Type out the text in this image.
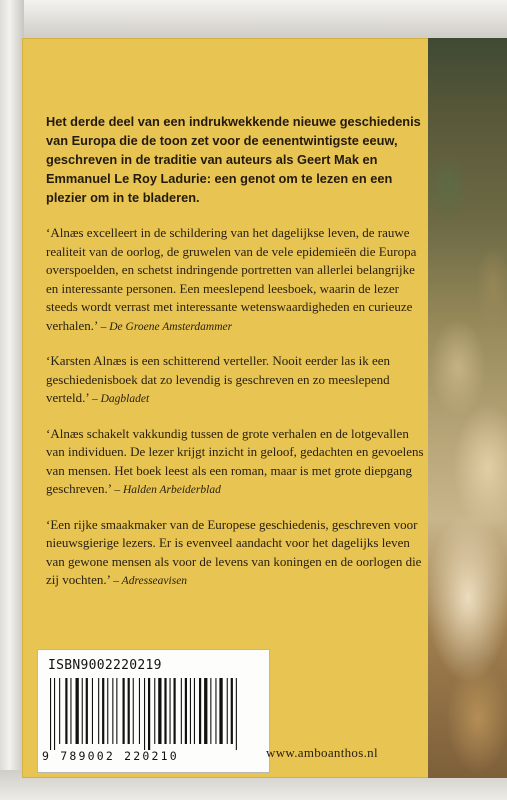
Het derde deel van een indrukwekkende nieuwe geschiedenis van Europa die de toon zet voor de eenentwintigste eeuw, geschreven in de traditie van auteurs als Geert Mak en Emmanuel Le Roy Ladurie: een genot om te lezen en een plezier om in te bladeren.

‘Alnæs excelleert in de schildering van het dagelijkse leven, de rauwe realiteit van de oorlog, de gruwelen van de vele epidemieën die Europa overspoelden, en schetst indringende portretten van allerlei belangrijke en interessante personen. Een meeslepend leesboek, waarin de lezer steeds wordt verrast met interessante wetenswaardigheden en curieuze verhalen.’ – De Groene Amsterdammer

‘Karsten Alnæs is een schitterend verteller. Nooit eerder las ik een geschiedenisboek dat zo levendig is geschreven en zo meeslepend verteld.’ – Dagbladet

‘Alnæs schakelt vakkundig tussen de grote verhalen en de lotgevallen van individuen. De lezer krijgt inzicht in geloof, gedachten en gevoelens van mensen. Het boek leest als een roman, maar is met grote diepgang geschreven.’ – Halden Arbeiderblad

‘Een rijke smaakmaker van de Europese geschiedenis, geschreven voor nieuwsgierige lezers. Er is evenveel aandacht voor het dagelijks leven van gewone mensen als voor de levens van koningen en de oorlogen die zij vochten.’ – Adresseavisen

ISBN9002220219
9 789002 220210	www.amboanthos.nl
